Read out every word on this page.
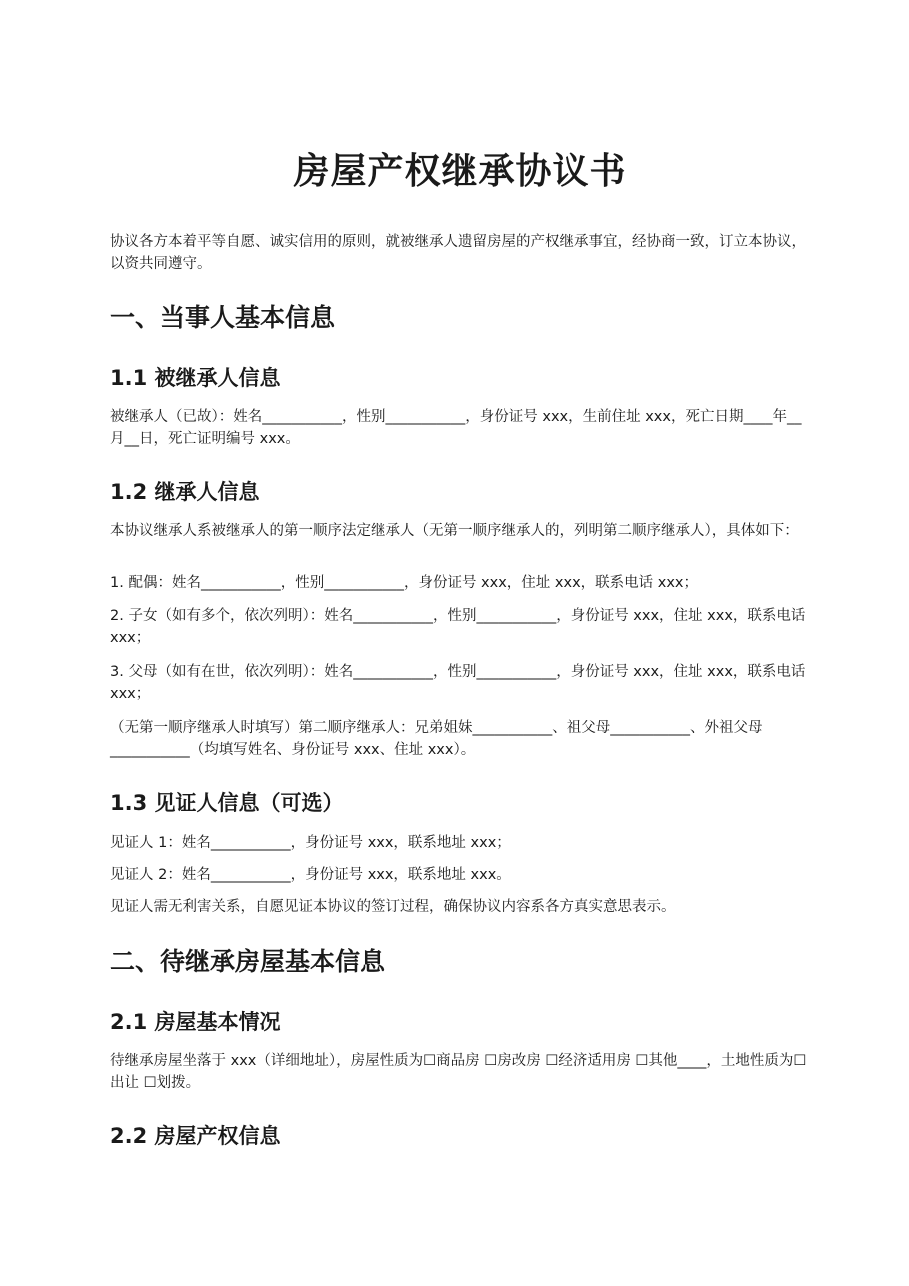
房屋产权继承协议书

协议各方本着平等自愿、诚实信用的原则，就被继承人遗留房屋的产权继承事宜，经协商一致，订立本协议，以资共同遵守。

一、当事人基本信息
1.1 被继承人信息

被继承人（已故）：姓名___________，性别___________，身份证号 xxx，生前住址 xxx，死亡日期____年__月__日，死亡证明编号 xxx。

1.2 继承人信息

本协议继承人系被继承人的第一顺序法定继承人（无第一顺序继承人的，列明第二顺序继承人），具体如下：

1. 配偶：姓名___________，性别___________，身份证号 xxx，住址 xxx，联系电话 xxx；

2. 子女（如有多个，依次列明）：姓名___________，性别___________，身份证号 xxx，住址 xxx，联系电话 xxx；

3. 父母（如有在世，依次列明）：姓名___________，性别___________，身份证号 xxx，住址 xxx，联系电话 xxx；

（无第一顺序继承人时填写）第二顺序继承人：兄弟姐妹___________、祖父母___________、外祖父母___________（均填写姓名、身份证号 xxx、住址 xxx）。

1.3 见证人信息（可选）

见证人 1：姓名___________，身份证号 xxx，联系地址 xxx；

见证人 2：姓名___________，身份证号 xxx，联系地址 xxx。

见证人需无利害关系，自愿见证本协议的签订过程，确保协议内容系各方真实意思表示。

二、待继承房屋基本信息
2.1 房屋基本情况

待继承房屋坐落于 xxx（详细地址），房屋性质为☐商品房 ☐房改房 ☐经济适用房 ☐其他____，土地性质为☐出让 ☐划拨。

2.2 房屋产权信息
